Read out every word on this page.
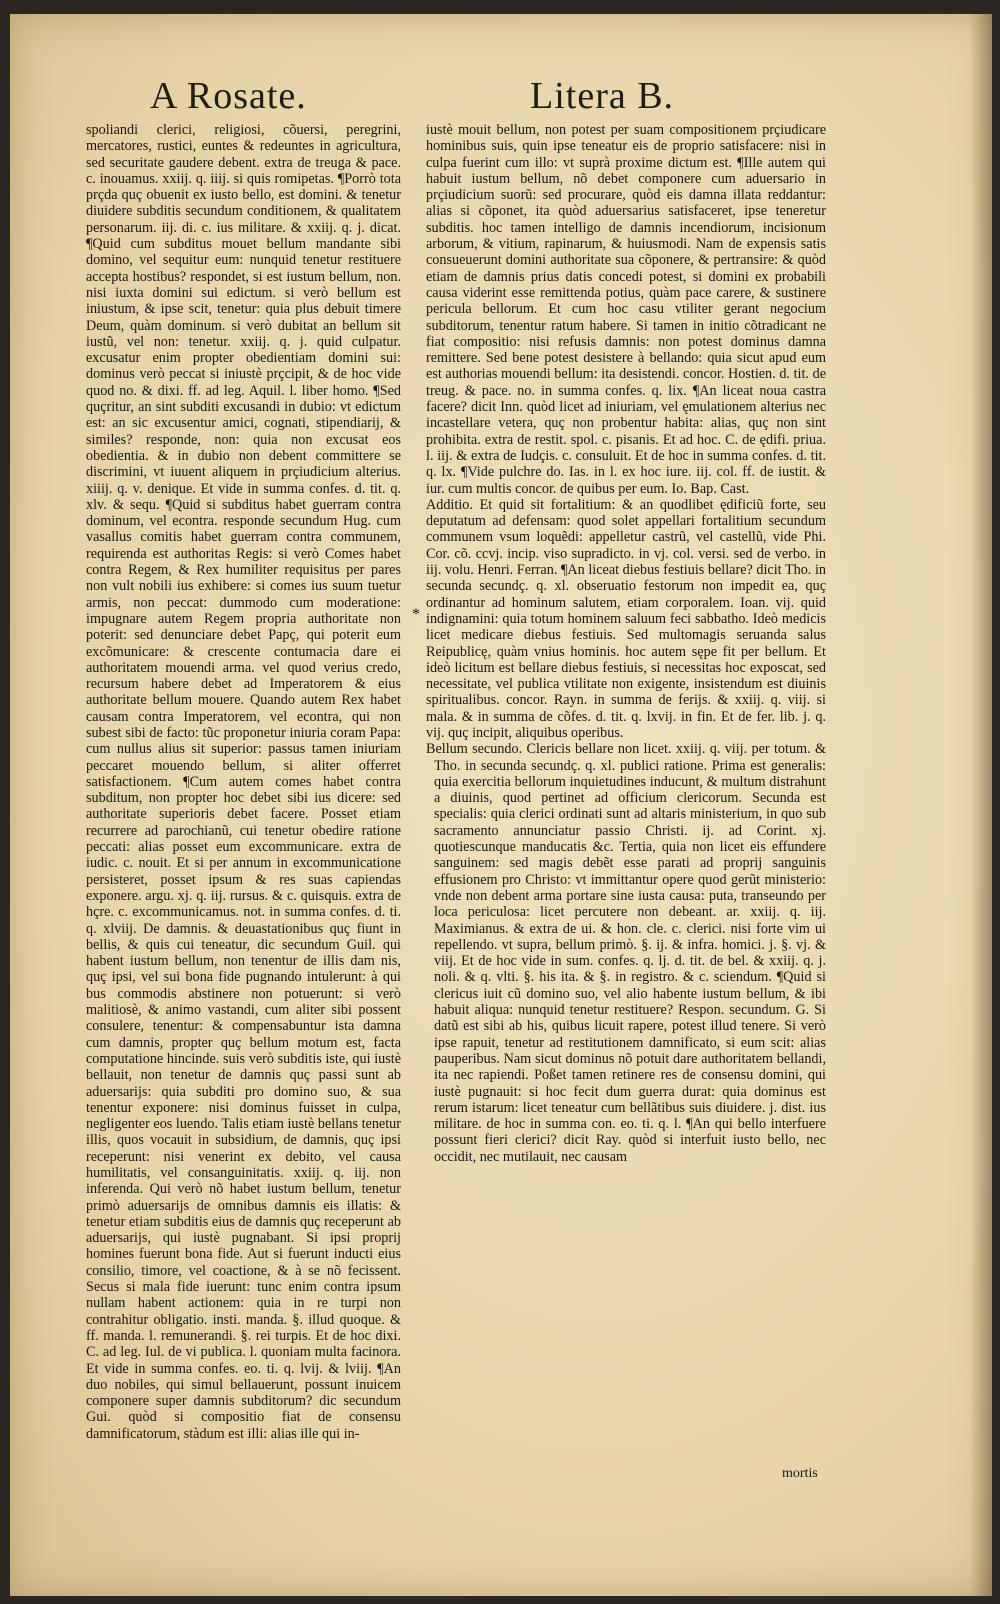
A Rosate.	Litera B.

spoliandi clerici, religiosi, cõuersi, peregrini, mercatores, rustici, euntes & redeuntes in agricultura, sed securitate gaudere debent. extra de treuga & pace. c. inouamus. xxiij. q. iiij. si quis romipetas. ¶Porrò tota prçda quç obuenit ex iusto bello, est domini. & tenetur diuidere subditis secundum conditionem, & qualitatem personarum. iij. di. c. ius militare. & xxiij. q. j. dicat. ¶Quid cum subditus mouet bellum mandante sibi domino, vel sequitur eum: nunquid tenetur restituere accepta hostibus? respondet, si est iustum bellum, non. nisi iuxta domini sui edictum. si verò bellum est iniustum, & ipse scit, tenetur: quia plus debuit timere Deum, quàm dominum. si verò dubitat an bellum sit iustũ, vel non: tenetur. xxiij. q. j. quid culpatur. excusatur enim propter obedientiam domini sui: dominus verò peccat si iniustè prçcipit, & de hoc vide quod no. & dixi. ff. ad leg. Aquil. l. liber homo. ¶Sed quçritur, an sint subditi excusandi in dubio: vt edictum est: an sic excusentur amici, cognati, stipendiarij, & similes? responde, non: quia non excusat eos obedientia. & in dubio non debent committere se discrimini, vt iuuent aliquem in prçiudicium alterius. xiiij. q. v. denique. Et vide in summa confes. d. tit. q. xlv. & sequ. ¶Quid si subditus habet guerram contra dominum, vel econtra. responde secundum Hug. cum vasallus comitis habet guerram contra communem, requirenda est authoritas Regis: si verò Comes habet contra Regem, & Rex humiliter requisitus per pares non vult nobili ius exhibere: si comes ius suum tuetur armis, non peccat: dummodo cum moderatione: impugnare autem Regem propria authoritate non poterit: sed denunciare debet Papç, qui poterit eum excõmunicare: & crescente contumacia dare ei authoritatem mouendi arma. vel quod verius credo, recursum habere debet ad Imperatorem & eius authoritate bellum mouere. Quando autem Rex habet causam contra Imperatorem, vel econtra, qui non subest sibi de facto: tũc proponetur iniuria coram Papa: cum nullus alius sit superior: passus tamen iniuriam peccaret mouendo bellum, si aliter offerret satisfactionem. ¶Cum autem comes habet contra subditum, non propter hoc debet sibi ius dicere: sed authoritate superioris debet facere. Posset etiam recurrere ad parochianũ, cui tenetur obedire ratione peccati: alias posset eum excommunicare. extra de iudic. c. nouit. Et si per annum in excommunicatione persisteret, posset ipsum & res suas capiendas exponere. argu. xj. q. iij. rursus. & c. quisquis. extra de hçre. c. excommunicamus. not. in summa confes. d. ti. q. xlviij. De damnis. & deuastationibus quç fiunt in bellis, & quis cui teneatur, dic secundum Guil. qui habent iustum bellum, non tenentur de illis dam nis, quç ipsi, vel sui bona fide pugnando intulerunt: à qui bus commodis abstinere non potuerunt: si verò malitiosè, & animo vastandi, cum aliter sibi possent consulere, tenentur: & compensabuntur ista damna cum damnis, propter quç bellum motum est, facta computatione hincinde. suis verò subditis iste, qui iustè bellauit, non tenetur de damnis quç passi sunt ab aduersarijs: quia subditi pro domino suo, & sua tenentur exponere: nisi dominus fuisset in culpa, negligenter eos luendo. Talis etiam iustè bellans tenetur illis, quos vocauit in subsidium, de damnis, quç ipsi receperunt: nisi venerint ex debito, vel causa humilitatis, vel consanguinitatis. xxiij. q. iij. non inferenda. Qui verò nõ habet iustum bellum, tenetur primò aduersarijs de omnibus damnis eis illatis: & tenetur etiam subditis eius de damnis quç receperunt ab aduersarijs, qui iustè pugnabant. Si ipsi proprij homines fuerunt bona fide. Aut si fuerunt inducti eius consilio, timore, vel coactione, & à se nõ fecissent. Secus si mala fide iuerunt: tunc enim contra ipsum nullam habent actionem: quia in re turpi non contrahitur obligatio. insti. manda. §. illud quoque. & ff. manda. l. remunerandi. §. rei turpis. Et de hoc dixi. C. ad leg. Iul. de vi publica. l. quoniam multa facinora. Et vide in summa confes. eo. ti. q. lvij. & lviij. ¶An duo nobiles, qui simul bellauerunt, possunt inuicem componere super damnis subditorum? dic secundum Gui. quòd si compositio fiat de consensu damnificatorum, stàdum est illi: alias ille qui in-

*

iustè mouit bellum, non potest per suam compositionem prçiudicare hominibus suis, quin ipse teneatur eis de proprio satisfacere: nisi in culpa fuerint cum illo: vt suprà proxime dictum est. ¶Ille autem qui habuit iustum bellum, nõ debet componere cum aduersario in prçiudicium suorũ: sed procurare, quòd eis damna illata reddantur: alias si cõponet, ita quòd aduersarius satisfaceret, ipse teneretur subditis. hoc tamen intelligo de damnis incendiorum, incisionum arborum, & vitium, rapinarum, & huiusmodi. Nam de expensis satis consueuerunt domini authoritate sua cõponere, & pertransire: & quòd etiam de damnis prius datis concedi potest, si domini ex probabili causa viderint esse remittenda potius, quàm pace carere, & sustinere pericula bellorum. Et cum hoc casu vtiliter gerant negocium subditorum, tenentur ratum habere. Si tamen in initio cõtradicant ne fiat compositio: nisi refusis damnis: non potest dominus damna remittere. Sed bene potest desistere à bellando: quia sicut apud eum est authorias mouendi bellum: ita desistendi. concor. Hostien. d. tit. de treug. & pace. no. in summa confes. q. lix. ¶An liceat noua castra facere? dicit Inn. quòd licet ad iniuriam, vel ęmulationem alterius nec incastellare vetera, quç non probentur habita: alias, quç non sint prohibita. extra de restit. spol. c. pisanis. Et ad hoc. C. de ędifi. priua. l. iij. & extra de Iudçis. c. consuluit. Et de hoc in summa confes. d. tit. q. lx. ¶Vide pulchre do. Ias. in l. ex hoc iure. iij. col. ff. de iustit. & iur. cum multis concor. de quibus per eum. Io. Bap. Cast.

Additio. Et quid sit fortalitium: & an quodlibet ędificiũ forte, seu deputatum ad defensam: quod solet appellari fortalitium secundum communem vsum loquẽdi: appelletur castrũ, vel castellũ, vide Phi. Cor. cõ. ccvj. incip. viso supradicto. in vj. col. versi. sed de verbo. in iij. volu. Henri. Ferran. ¶An liceat diebus festiuis bellare? dicit Tho. in secunda secundç. q. xl. obseruatio festorum non impedit ea, quç ordinantur ad hominum salutem, etiam corporalem. Ioan. vij. quid indignamini: quia totum hominem saluum feci sabbatho. Ideò medicis licet medicare diebus festiuis. Sed multomagis seruanda salus Reipublicę, quàm vnius hominis. hoc autem sępe fit per bellum. Et ideò licitum est bellare diebus festiuis, si necessitas hoc exposcat, sed necessitate, vel publica vtilitate non exigente, insistendum est diuinis spiritualibus. concor. Rayn. in summa de ferijs. & xxiij. q. viij. si mala. & in summa de cõfes. d. tit. q. lxvij. in fin. Et de fer. lib. j. q. vij. quç incipit, aliquibus operibus.

Bellum secundo. Clericis bellare non licet. xxiij. q. viij. per totum. & Tho. in secunda secundç. q. xl. publici ratione. Prima est generalis: quia exercitia bellorum inquietudines inducunt, & multum distrahunt a diuinis, quod pertinet ad officium clericorum. Secunda est specialis: quia clerici ordinati sunt ad altaris ministerium, in quo sub sacramento annunciatur passio Christi. ij. ad Corint. xj. quotiescunque manducatis &c. Tertia, quia non licet eis effundere sanguinem: sed magis debẽt esse parati ad proprij sanguinis effusionem pro Christo: vt immittantur opere quod gerũt ministerio: vnde non debent arma portare sine iusta causa: puta, transeundo per loca periculosa: licet percutere non debeant. ar. xxiij. q. iij. Maximianus. & extra de ui. & hon. cle. c. clerici. nisi forte vim ui repellendo. vt supra, bellum primò. §. ij. & infra. homici. j. §. vj. & viij. Et de hoc vide in sum. confes. q. lj. d. tit. de bel. & xxiij. q. j. noli. & q. vlti. §. his ita. & §. in registro. & c. sciendum. ¶Quid si clericus iuit cũ domino suo, vel alio habente iustum bellum, & ibi habuit aliqua: nunquid tenetur restituere? Respon. secundum. G. Si datũ est sibi ab his, quibus licuit rapere, potest illud tenere. Si verò ipse rapuit, tenetur ad restitutionem damnificato, si eum scit: alias pauperibus. Nam sicut dominus nõ potuit dare authoritatem bellandi, ita nec rapiendi. Poßet tamen retinere res de consensu domini, qui iustè pugnauit: si hoc fecit dum guerra durat: quia dominus est rerum istarum: licet teneatur cum bellãtibus suis diuidere. j. dist. ius militare. de hoc in summa con. eo. ti. q. l. ¶An qui bello interfuere possunt fieri clerici? dicit Ray. quòd si interfuit iusto bello, nec occidit, nec mutilauit, nec causam

mortis
